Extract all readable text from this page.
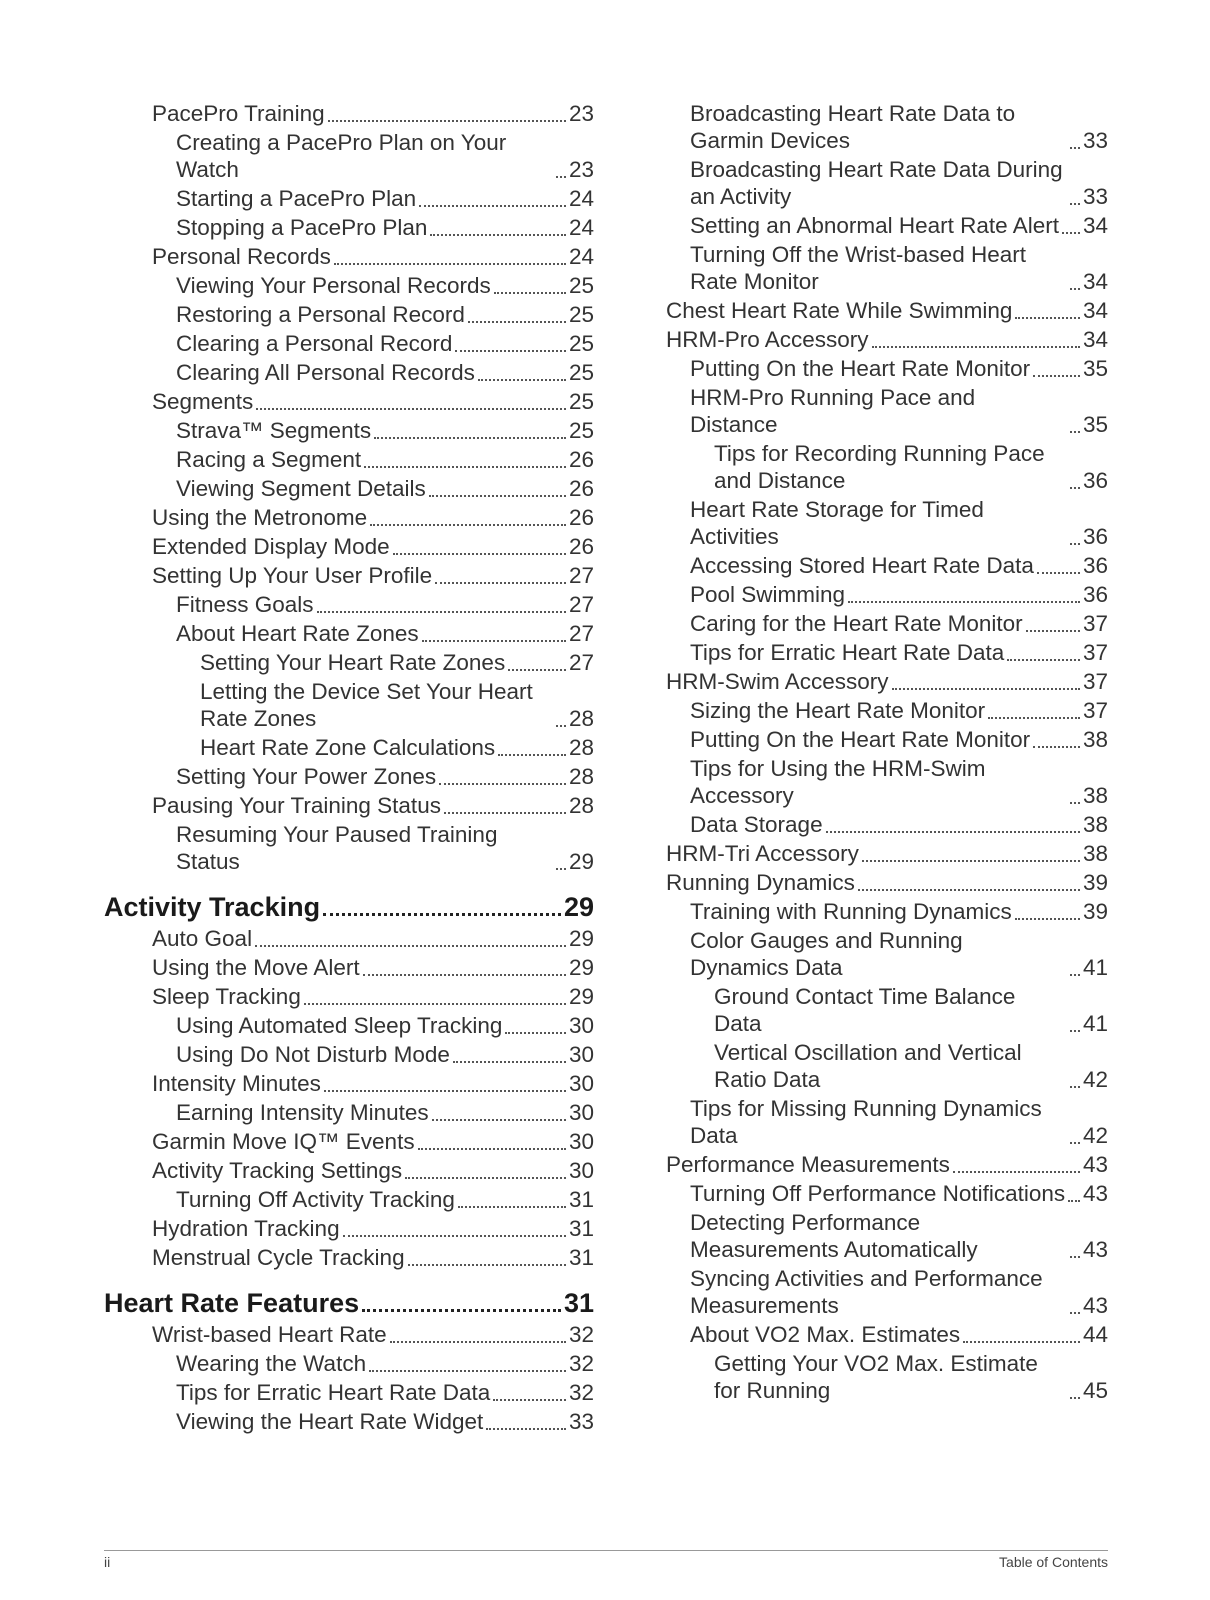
PacePro Training	23
Creating a PacePro Plan on Your Watch	23
Starting a PacePro Plan	24
Stopping a PacePro Plan	24
Personal Records	24
Viewing Your Personal Records	25
Restoring a Personal Record	25
Clearing a Personal Record	25
Clearing All Personal Records	25
Segments	25
Strava™ Segments	25
Racing a Segment	26
Viewing Segment Details	26
Using the Metronome	26
Extended Display Mode	26
Setting Up Your User Profile	27
Fitness Goals	27
About Heart Rate Zones	27
Setting Your Heart Rate Zones	27
Letting the Device Set Your Heart Rate Zones	28
Heart Rate Zone Calculations	28
Setting Your Power Zones	28
Pausing Your Training Status	28
Resuming Your Paused Training Status	29
Activity Tracking	29
Auto Goal	29
Using the Move Alert	29
Sleep Tracking	29
Using Automated Sleep Tracking	30
Using Do Not Disturb Mode	30
Intensity Minutes	30
Earning Intensity Minutes	30
Garmin Move IQ™ Events	30
Activity Tracking Settings	30
Turning Off Activity Tracking	31
Hydration Tracking	31
Menstrual Cycle Tracking	31
Heart Rate Features	31
Wrist-based Heart Rate	32
Wearing the Watch	32
Tips for Erratic Heart Rate Data	32
Viewing the Heart Rate Widget	33
Broadcasting Heart Rate Data to Garmin Devices	33
Broadcasting Heart Rate Data During an Activity	33
Setting an Abnormal Heart Rate Alert 34
Turning Off the Wrist-based Heart Rate Monitor	34
Chest Heart Rate While Swimming	34
HRM-Pro Accessory	34
Putting On the Heart Rate Monitor 35
HRM-Pro Running Pace and Distance	35
Tips for Recording Running Pace and Distance	36
Heart Rate Storage for Timed Activities	36
Accessing Stored Heart Rate Data 36
Pool Swimming	36
Caring for the Heart Rate Monitor	37
Tips for Erratic Heart Rate Data	37
HRM-Swim Accessory	37
Sizing the Heart Rate Monitor	37
Putting On the Heart Rate Monitor 38
Tips for Using the HRM-Swim Accessory	38
Data Storage	38
HRM-Tri Accessory	38
Running Dynamics	39
Training with Running Dynamics	39
Color Gauges and Running Dynamics Data	41
Ground Contact Time Balance Data	41
Vertical Oscillation and Vertical Ratio Data	42
Tips for Missing Running Dynamics Data	42
Performance Measurements	43
Turning Off Performance Notifications 43
Detecting Performance Measurements Automatically	43
Syncing Activities and Performance Measurements	43
About VO2 Max. Estimates	44
Getting Your VO2 Max. Estimate for Running	45
ii	Table of Contents
